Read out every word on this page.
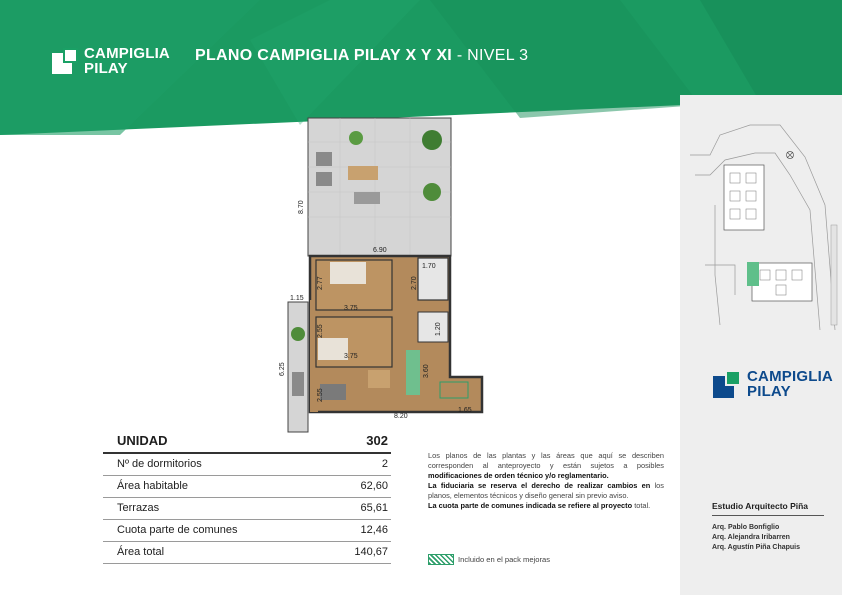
CAMPIGLIA
PILAY
PLANO CAMPIGLIA PILAY X Y XI - NIVEL 3
CAMPIGLIA
PILAY
Estudio Arquitecto Piña
Arq. Pablo Bonfiglio
Arq. Alejandra Iribarren
Arq. Agustín Piña Chapuis
8.70
6.90
2.77
1.70
2.70
1.15
3.75
2.55	1.20
3.75
6.25	3.60
2.55
8.20
1.65
UNIDAD	302
Nº de dormitorios	2
Área habitable	62,60
Terrazas	65,61
Cuota parte de comunes	12,46
Área total	140,67
Los planos de las plantas y las áreas que aquí se describen corresponden al anteproyecto y están sujetos a posibles modificaciones de orden técnico y/o reglamentario.
La fiduciaria se reserva el derecho de realizar cambios en los planos, elementos técnicos y diseño general sin previo aviso.
La cuota parte de comunes indicada se refiere al proyecto total.
Incluido en el pack mejoras
